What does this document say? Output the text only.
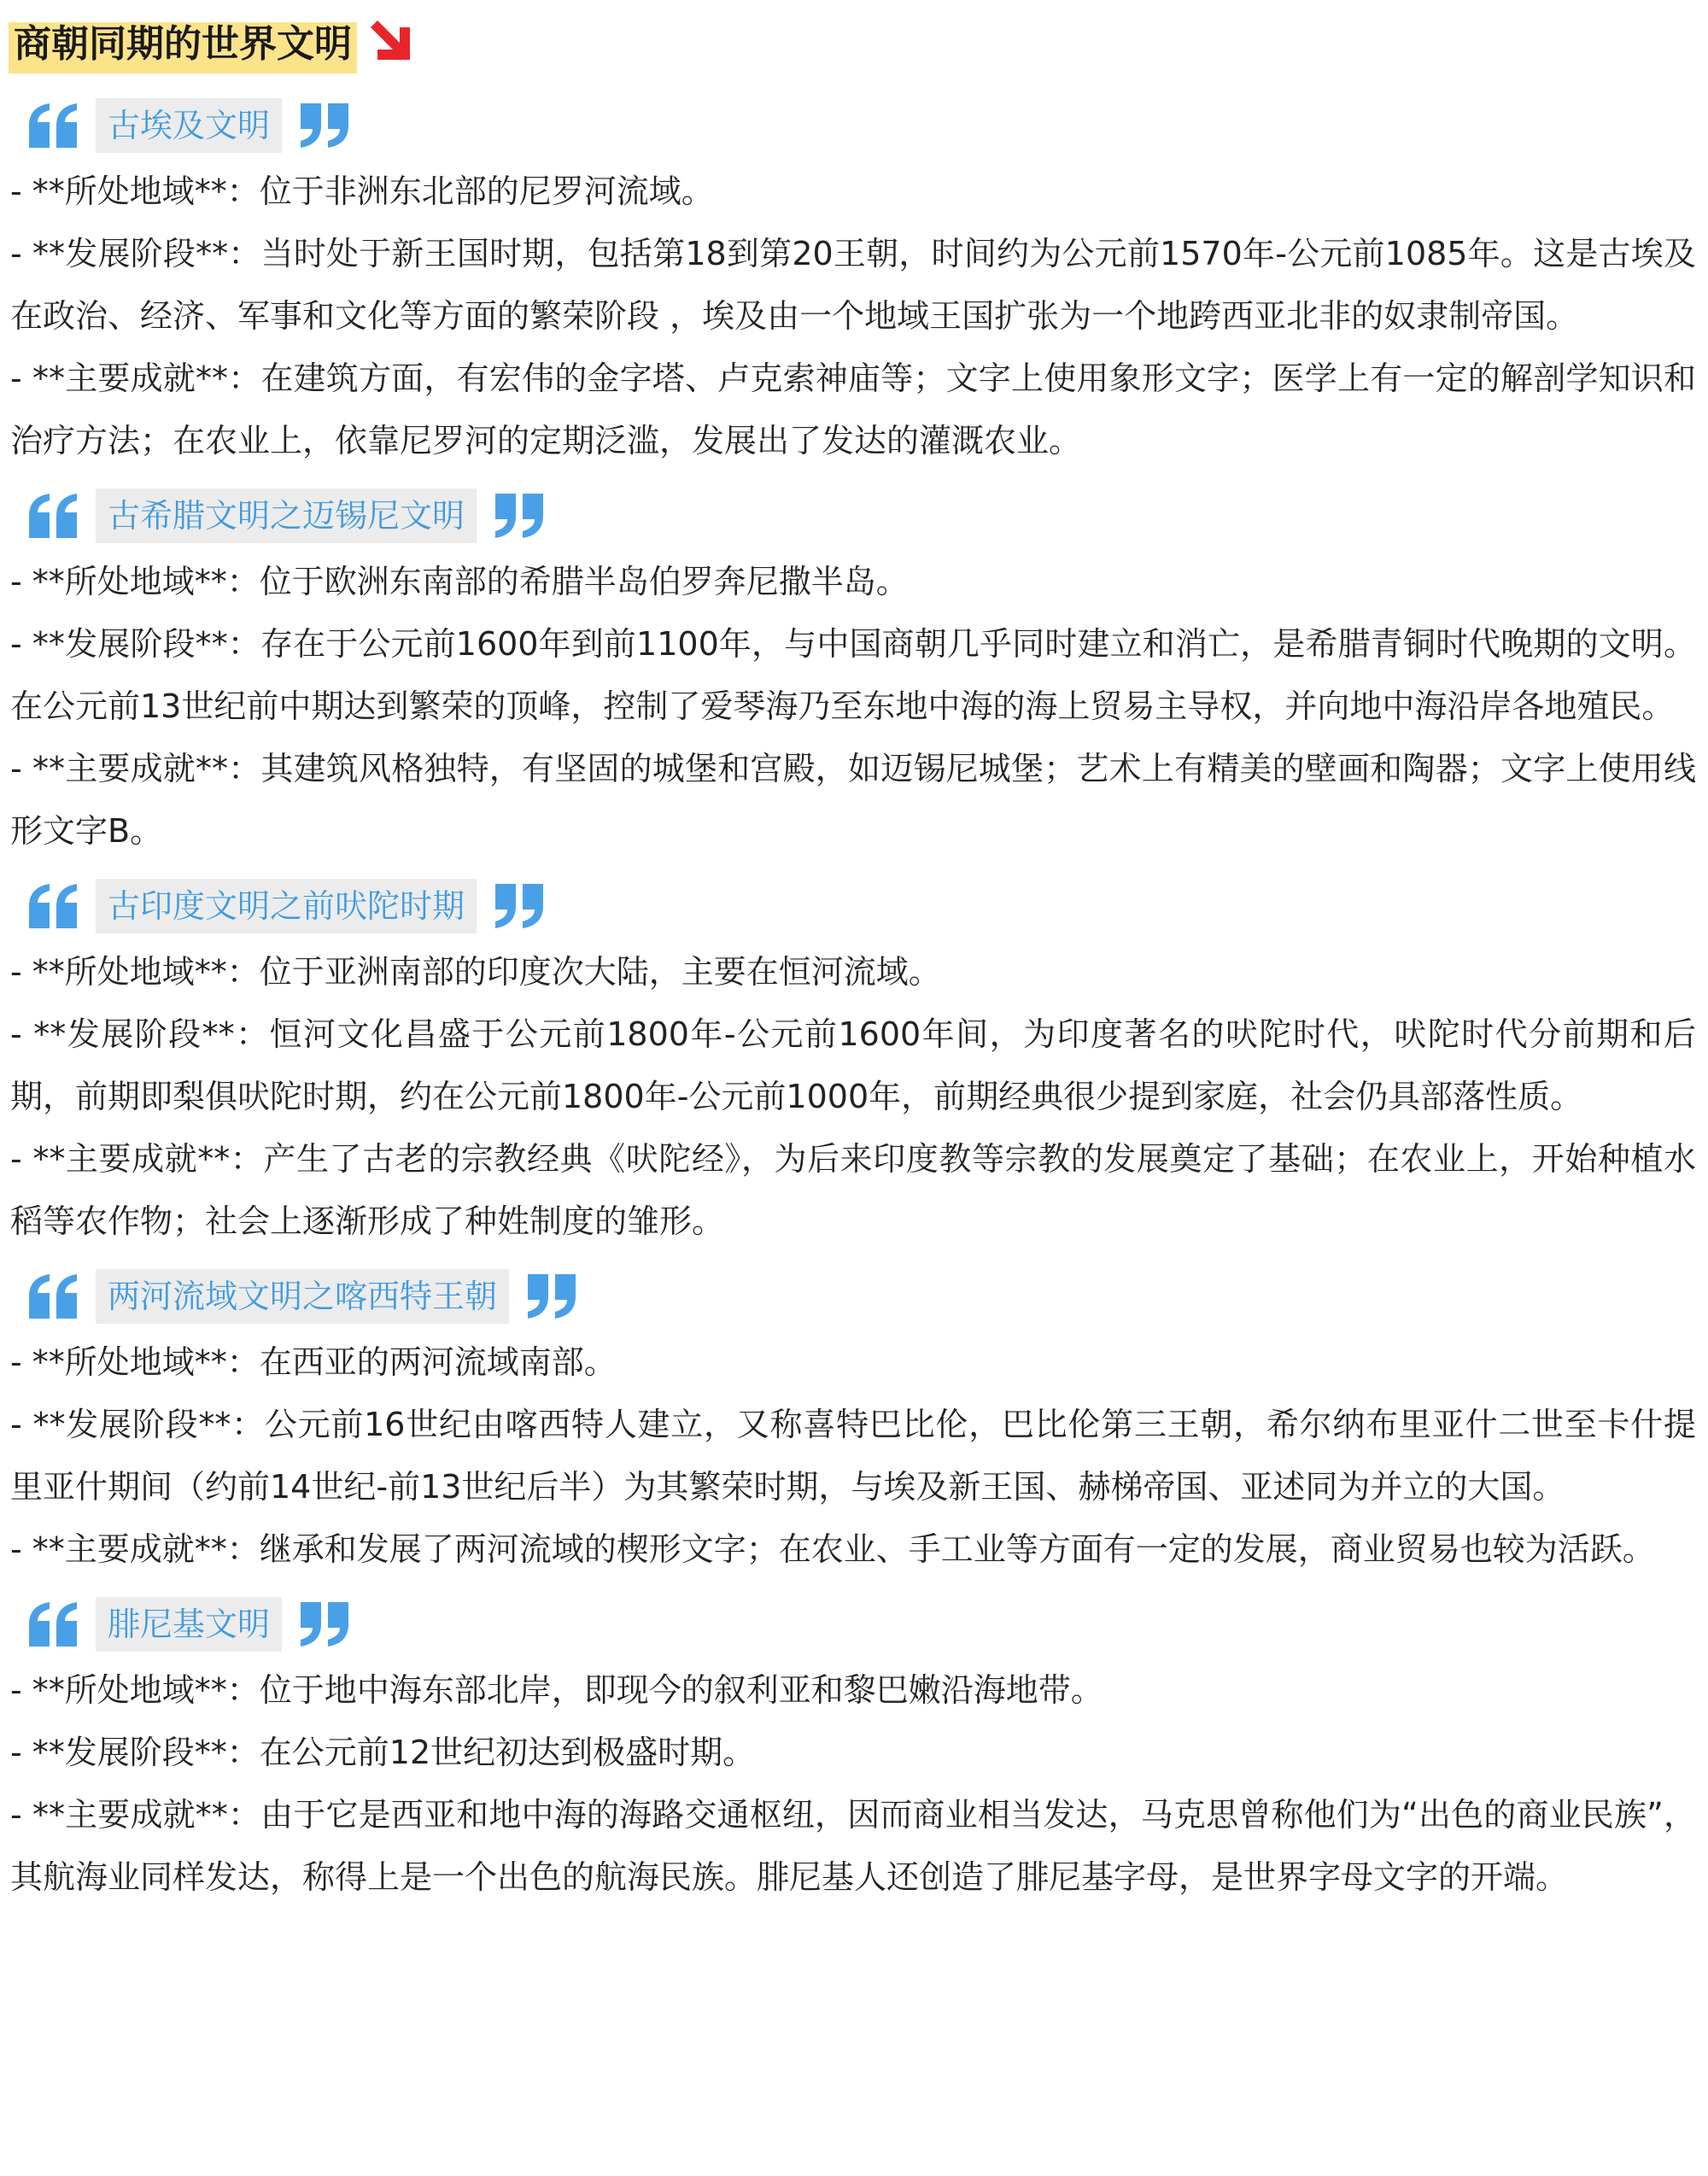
商朝同期的世界文明
古埃及文明

- **所处地域**：位于非洲东北部的尼罗河流域。

- **发展阶段**：当时处于新王国时期，包括第18到第20王朝，时间约为公元前1570年-公元前1085年。这是古埃及在政治、经济、军事和文化等方面的繁荣阶段 ，埃及由一个地域王国扩张为一个地跨西亚北非的奴隶制帝国。

- **主要成就**：在建筑方面，有宏伟的金字塔、卢克索神庙等；文字上使用象形文字；医学上有一定的解剖学知识和治疗方法；在农业上，依靠尼罗河的定期泛滥，发展出了发达的灌溉农业。

古希腊文明之迈锡尼文明

- **所处地域**：位于欧洲东南部的希腊半岛伯罗奔尼撒半岛。

- **发展阶段**：存在于公元前1600年到前1100年，与中国商朝几乎同时建立和消亡，是希腊青铜时代晚期的文明。在公元前13世纪前中期达到繁荣的顶峰，控制了爱琴海乃至东地中海的海上贸易主导权，并向地中海沿岸各地殖民。

- **主要成就**：其建筑风格独特，有坚固的城堡和宫殿，如迈锡尼城堡；艺术上有精美的壁画和陶器；文字上使用线形文字B。

古印度文明之前吠陀时期

- **所处地域**：位于亚洲南部的印度次大陆，主要在恒河流域。

- **发展阶段**：恒河文化昌盛于公元前1800年-公元前1600年间，为印度著名的吠陀时代，吠陀时代分前期和后期，前期即梨俱吠陀时期，约在公元前1800年-公元前1000年，前期经典很少提到家庭，社会仍具部落性质。

- **主要成就**：产生了古老的宗教经典《吠陀经》，为后来印度教等宗教的发展奠定了基础；在农业上，开始种植水稻等农作物；社会上逐渐形成了种姓制度的雏形。

两河流域文明之喀西特王朝

- **所处地域**：在西亚的两河流域南部。

- **发展阶段**：公元前16世纪由喀西特人建立，又称喜特巴比伦，巴比伦第三王朝，希尔纳布里亚什二世至卡什提里亚什期间（约前14世纪-前13世纪后半）为其繁荣时期，与埃及新王国、赫梯帝国、亚述同为并立的大国。

- **主要成就**：继承和发展了两河流域的楔形文字；在农业、手工业等方面有一定的发展，商业贸易也较为活跃。

腓尼基文明

- **所处地域**：位于地中海东部北岸，即现今的叙利亚和黎巴嫩沿海地带。

- **发展阶段**：在公元前12世纪初达到极盛时期。

- **主要成就**：由于它是西亚和地中海的海路交通枢纽，因而商业相当发达，马克思曾称他们为“出色的商业民族”，其航海业同样发达，称得上是一个出色的航海民族。腓尼基人还创造了腓尼基字母，是世界字母文字的开端。
